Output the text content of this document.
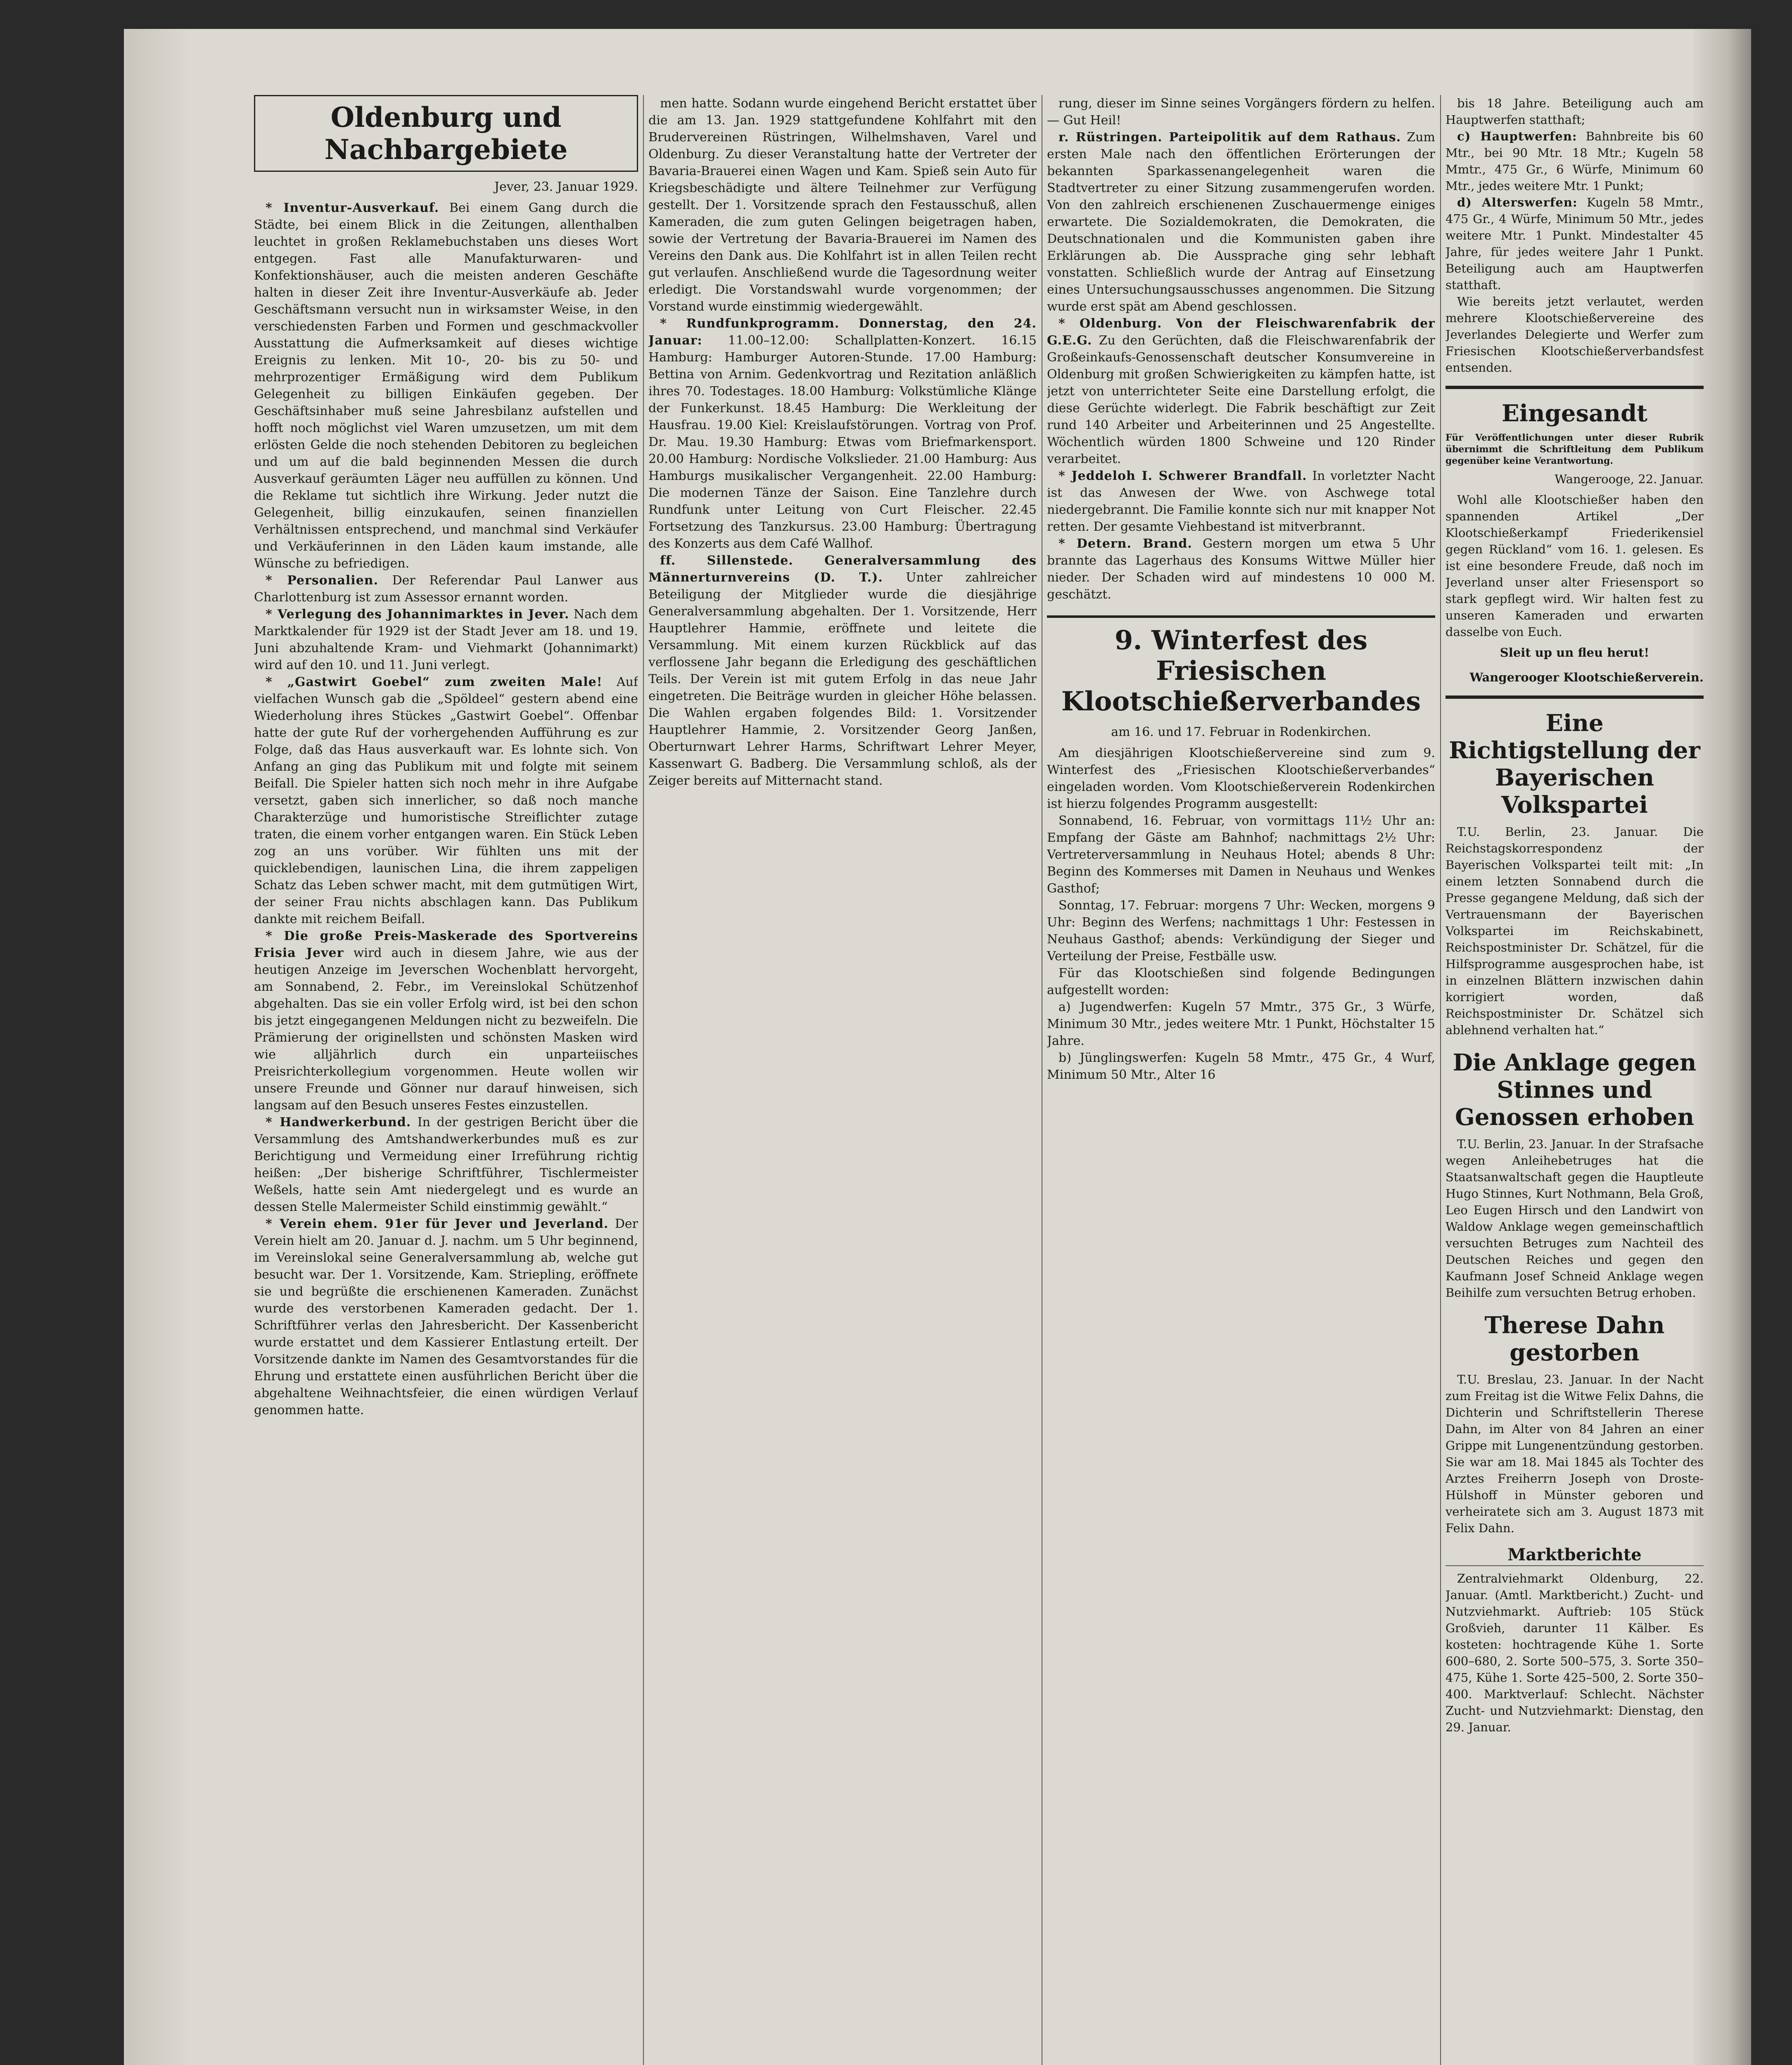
Oldenburg und Nachbargebiete
Jever, 23. Januar 1929.

* Inventur-Ausverkauf. Bei einem Gang durch die Städte, bei einem Blick in die Zeitungen, allenthalben leuchtet in großen Reklamebuchstaben uns dieses Wort entgegen. Fast alle Manufakturwaren- und Konfektionshäuser, auch die meisten anderen Geschäfte halten in dieser Zeit ihre Inventur-Ausverkäufe ab. Jeder Geschäftsmann versucht nun in wirksamster Weise, in den verschiedensten Farben und Formen und geschmackvoller Ausstattung die Aufmerksamkeit auf dieses wichtige Ereignis zu lenken. Mit 10-, 20- bis zu 50- und mehrprozentiger Ermäßigung wird dem Publikum Gelegenheit zu billigen Einkäufen gegeben. Der Geschäftsinhaber muß seine Jahresbilanz aufstellen und hofft noch möglichst viel Waren umzusetzen, um mit dem erlösten Gelde die noch stehenden Debitoren zu begleichen und um auf die bald beginnenden Messen die durch Ausverkauf geräumten Läger neu auffüllen zu können. Und die Reklame tut sichtlich ihre Wirkung. Jeder nutzt die Gelegenheit, billig einzukaufen, seinen finanziellen Verhältnissen entsprechend, und manchmal sind Verkäufer und Verkäuferinnen in den Läden kaum imstande, alle Wünsche zu befriedigen.

* Personalien. Der Referendar Paul Lanwer aus Charlottenburg ist zum Assessor ernannt worden.

* Verlegung des Johannimarktes in Jever. Nach dem Marktkalender für 1929 ist der Stadt Jever am 18. und 19. Juni abzuhaltende Kram- und Viehmarkt (Johannimarkt) wird auf den 10. und 11. Juni verlegt.

* „Gastwirt Goebel“ zum zweiten Male! Auf vielfachen Wunsch gab die „Spöldeel“ gestern abend eine Wiederholung ihres Stückes „Gastwirt Goebel“. Offenbar hatte der gute Ruf der vorhergehenden Aufführung es zur Folge, daß das Haus ausverkauft war. Es lohnte sich. Von Anfang an ging das Publikum mit und folgte mit seinem Beifall. Die Spieler hatten sich noch mehr in ihre Aufgabe versetzt, gaben sich innerlicher, so daß noch manche Charakterzüge und humoristische Streiflichter zutage traten, die einem vorher entgangen waren. Ein Stück Leben zog an uns vorüber. Wir fühlten uns mit der quicklebendigen, launischen Lina, die ihrem zappeligen Schatz das Leben schwer macht, mit dem gutmütigen Wirt, der seiner Frau nichts abschlagen kann. Das Publikum dankte mit reichem Beifall.

* Die große Preis-Maskerade des Sportvereins Frisia Jever wird auch in diesem Jahre, wie aus der heutigen Anzeige im Jeverschen Wochenblatt hervorgeht, am Sonnabend, 2. Febr., im Vereinslokal Schützenhof abgehalten. Das sie ein voller Erfolg wird, ist bei den schon bis jetzt eingegangenen Meldungen nicht zu bezweifeln. Die Prämierung der originellsten und schönsten Masken wird wie alljährlich durch ein unparteiisches Preisrichterkollegium vorgenommen. Heute wollen wir unsere Freunde und Gönner nur darauf hinweisen, sich langsam auf den Besuch unseres Festes einzustellen.

* Handwerkerbund. In der gestrigen Bericht über die Versammlung des Amtshandwerkerbundes muß es zur Berichtigung und Vermeidung einer Irreführung richtig heißen: „Der bisherige Schriftführer, Tischlermeister Weßels, hatte sein Amt niedergelegt und es wurde an dessen Stelle Malermeister Schild einstimmig gewählt.“

* Verein ehem. 91er für Jever und Jeverland. Der Verein hielt am 20. Januar d. J. nachm. um 5 Uhr beginnend, im Vereinslokal seine Generalversammlung ab, welche gut besucht war. Der 1. Vorsitzende, Kam. Striepling, eröffnete sie und begrüßte die erschienenen Kameraden. Zunächst wurde des verstorbenen Kameraden gedacht. Der 1. Schriftführer verlas den Jahresbericht. Der Kassenbericht wurde erstattet und dem Kassierer Entlastung erteilt. Der Vorsitzende dankte im Namen des Gesamtvorstandes für die Ehrung und erstattete einen ausführlichen Bericht über die abgehaltene Weihnachtsfeier, die einen würdigen Verlauf genommen hatte.

men hatte. Sodann wurde eingehend Bericht erstattet über die am 13. Jan. 1929 stattgefundene Kohlfahrt mit den Brudervereinen Rüstringen, Wilhelmshaven, Varel und Oldenburg. Zu dieser Veranstaltung hatte der Vertreter der Bavaria-Brauerei einen Wagen und Kam. Spieß sein Auto für Kriegsbeschädigte und ältere Teilnehmer zur Verfügung gestellt. Der 1. Vorsitzende sprach den Festausschuß, allen Kameraden, die zum guten Gelingen beigetragen haben, sowie der Vertretung der Bavaria-Brauerei im Namen des Vereins den Dank aus. Die Kohlfahrt ist in allen Teilen recht gut verlaufen. Anschließend wurde die Tagesordnung weiter erledigt. Die Vorstandswahl wurde vorgenommen; der Vorstand wurde einstimmig wiedergewählt.

* Rundfunkprogramm. Donnerstag, den 24. Januar: 11.00–12.00: Schallplatten-Konzert. 16.15 Hamburg: Hamburger Autoren-Stunde. 17.00 Hamburg: Bettina von Arnim. Gedenkvortrag und Rezitation anläßlich ihres 70. Todestages. 18.00 Hamburg: Volkstümliche Klänge der Funkerkunst. 18.45 Hamburg: Die Werkleitung der Hausfrau. 19.00 Kiel: Kreislaufstörungen. Vortrag von Prof. Dr. Mau. 19.30 Hamburg: Etwas vom Briefmarkensport. 20.00 Hamburg: Nordische Volkslieder. 21.00 Hamburg: Aus Hamburgs musikalischer Vergangenheit. 22.00 Hamburg: Die modernen Tänze der Saison. Eine Tanzlehre durch Rundfunk unter Leitung von Curt Fleischer. 22.45 Fortsetzung des Tanzkursus. 23.00 Hamburg: Übertragung des Konzerts aus dem Café Wallhof.

ff. Sillenstede. Generalversammlung des Männerturnvereins (D. T.). Unter zahlreicher Beteiligung der Mitglieder wurde die diesjährige Generalversammlung abgehalten. Der 1. Vorsitzende, Herr Hauptlehrer Hammie, eröffnete und leitete die Versammlung. Mit einem kurzen Rückblick auf das verflossene Jahr begann die Erledigung des geschäftlichen Teils. Der Verein ist mit gutem Erfolg in das neue Jahr eingetreten. Die Beiträge wurden in gleicher Höhe belassen. Die Wahlen ergaben folgendes Bild: 1. Vorsitzender Hauptlehrer Hammie, 2. Vorsitzender Georg Janßen, Oberturnwart Lehrer Harms, Schriftwart Lehrer Meyer, Kassenwart G. Badberg. Die Versammlung schloß, als der Zeiger bereits auf Mitternacht stand.

rung, dieser im Sinne seines Vorgängers fördern zu helfen. — Gut Heil!

r. Rüstringen. Parteipolitik auf dem Rathaus. Zum ersten Male nach den öffentlichen Erörterungen der bekannten Sparkassenangelegenheit waren die Stadtvertreter zu einer Sitzung zusammengerufen worden. Von den zahlreich erschienenen Zuschauermenge einiges erwartete. Die Sozialdemokraten, die Demokraten, die Deutschnationalen und die Kommunisten gaben ihre Erklärungen ab. Die Aussprache ging sehr lebhaft vonstatten. Schließlich wurde der Antrag auf Einsetzung eines Untersuchungsausschusses angenommen. Die Sitzung wurde erst spät am Abend geschlossen.

* Oldenburg. Von der Fleischwarenfabrik der G.E.G. Zu den Gerüchten, daß die Fleischwarenfabrik der Großeinkaufs-Genossenschaft deutscher Konsumvereine in Oldenburg mit großen Schwierigkeiten zu kämpfen hatte, ist jetzt von unterrichteter Seite eine Darstellung erfolgt, die diese Gerüchte widerlegt. Die Fabrik beschäftigt zur Zeit rund 140 Arbeiter und Arbeiterinnen und 25 Angestellte. Wöchentlich würden 1800 Schweine und 120 Rinder verarbeitet.

* Jeddeloh I. Schwerer Brandfall. In vorletzter Nacht ist das Anwesen der Wwe. von Aschwege total niedergebrannt. Die Familie konnte sich nur mit knapper Not retten. Der gesamte Viehbestand ist mitverbrannt.

* Detern. Brand. Gestern morgen um etwa 5 Uhr brannte das Lagerhaus des Konsums Wittwe Müller hier nieder. Der Schaden wird auf mindestens 10 000 M. geschätzt.

9. Winterfest des Friesischen Klootschießerverbandes
am 16. und 17. Februar in Rodenkirchen.

Am diesjährigen Klootschießervereine sind zum 9. Winterfest des „Friesischen Klootschießerverbandes“ eingeladen worden. Vom Klootschießerverein Rodenkirchen ist hierzu folgendes Programm ausgestellt:

Sonnabend, 16. Februar, von vormittags 11½ Uhr an: Empfang der Gäste am Bahnhof; nachmittags 2½ Uhr: Vertreterversammlung in Neuhaus Hotel; abends 8 Uhr: Beginn des Kommerses mit Damen in Neuhaus und Wenkes Gasthof;

Sonntag, 17. Februar: morgens 7 Uhr: Wecken, morgens 9 Uhr: Beginn des Werfens; nachmittags 1 Uhr: Festessen in Neuhaus Gasthof; abends: Verkündigung der Sieger und Verteilung der Preise, Festbälle usw.

Für das Klootschießen sind folgende Bedingungen aufgestellt worden:

a) Jugendwerfen: Kugeln 57 Mmtr., 375 Gr., 3 Würfe, Minimum 30 Mtr., jedes weitere Mtr. 1 Punkt, Höchstalter 15 Jahre.

b) Jünglingswerfen: Kugeln 58 Mmtr., 475 Gr., 4 Wurf, Minimum 50 Mtr., Alter 16

bis 18 Jahre. Beteiligung auch am Hauptwerfen statthaft;

c) Hauptwerfen: Bahnbreite bis 60 Mtr., bei 90 Mtr. 18 Mtr.; Kugeln 58 Mmtr., 475 Gr., 6 Würfe, Minimum 60 Mtr., jedes weitere Mtr. 1 Punkt;

d) Alterswerfen: Kugeln 58 Mmtr., 475 Gr., 4 Würfe, Minimum 50 Mtr., jedes weitere Mtr. 1 Punkt. Mindestalter 45 Jahre, für jedes weitere Jahr 1 Punkt. Beteiligung auch am Hauptwerfen statthaft.

Wie bereits jetzt verlautet, werden mehrere Klootschießervereine des Jeverlandes Delegierte und Werfer zum Friesischen Klootschießerverbandsfest entsenden.

Eingesandt

Für Veröffentlichungen unter dieser Rubrik übernimmt die Schriftleitung dem Publikum gegenüber keine Verantwortung.

Wangerooge, 22. Januar.

Wohl alle Klootschießer haben den spannenden Artikel „Der Klootschießerkampf Friederikensiel gegen Rückland“ vom 16. 1. gelesen. Es ist eine besondere Freude, daß noch im Jeverland unser alter Friesensport so stark gepflegt wird. Wir halten fest zu unseren Kameraden und erwarten dasselbe von Euch.

Sleit up un fleu herut!
Wangerooger Klootschießerverein.
Eine Richtigstellung der Bayerischen Volkspartei

T.U. Berlin, 23. Januar. Die Reichstagskorrespondenz der Bayerischen Volkspartei teilt mit: „In einem letzten Sonnabend durch die Presse gegangene Meldung, daß sich der Vertrauensmann der Bayerischen Volkspartei im Reichskabinett, Reichspostminister Dr. Schätzel, für die Hilfsprogramme ausgesprochen habe, ist in einzelnen Blättern inzwischen dahin korrigiert worden, daß Reichspostminister Dr. Schätzel sich ablehnend verhalten hat.“

Die Anklage gegen Stinnes und Genossen erhoben

T.U. Berlin, 23. Januar. In der Strafsache wegen Anleihebetruges hat die Staatsanwaltschaft gegen die Hauptleute Hugo Stinnes, Kurt Nothmann, Bela Groß, Leo Eugen Hirsch und den Landwirt von Waldow Anklage wegen gemeinschaftlich versuchten Betruges zum Nachteil des Deutschen Reiches und gegen den Kaufmann Josef Schneid Anklage wegen Beihilfe zum versuchten Betrug erhoben.

Therese Dahn gestorben

T.U. Breslau, 23. Januar. In der Nacht zum Freitag ist die Witwe Felix Dahns, die Dichterin und Schriftstellerin Therese Dahn, im Alter von 84 Jahren an einer Grippe mit Lungenentzündung gestorben. Sie war am 18. Mai 1845 als Tochter des Arztes Freiherrn Joseph von Droste-Hülshoff in Münster geboren und verheiratete sich am 3. August 1873 mit Felix Dahn.

Marktberichte

Zentralviehmarkt Oldenburg, 22. Januar. (Amtl. Marktbericht.) Zucht- und Nutzviehmarkt. Auftrieb: 105 Stück Großvieh, darunter 11 Kälber. Es kosteten: hochtragende Kühe 1. Sorte 600–680, 2. Sorte 500–575, 3. Sorte 350–475, Kühe 1. Sorte 425–500, 2. Sorte 350–400. Marktverlauf: Schlecht. Nächster Zucht- und Nutzviehmarkt: Dienstag, den 29. Januar.
